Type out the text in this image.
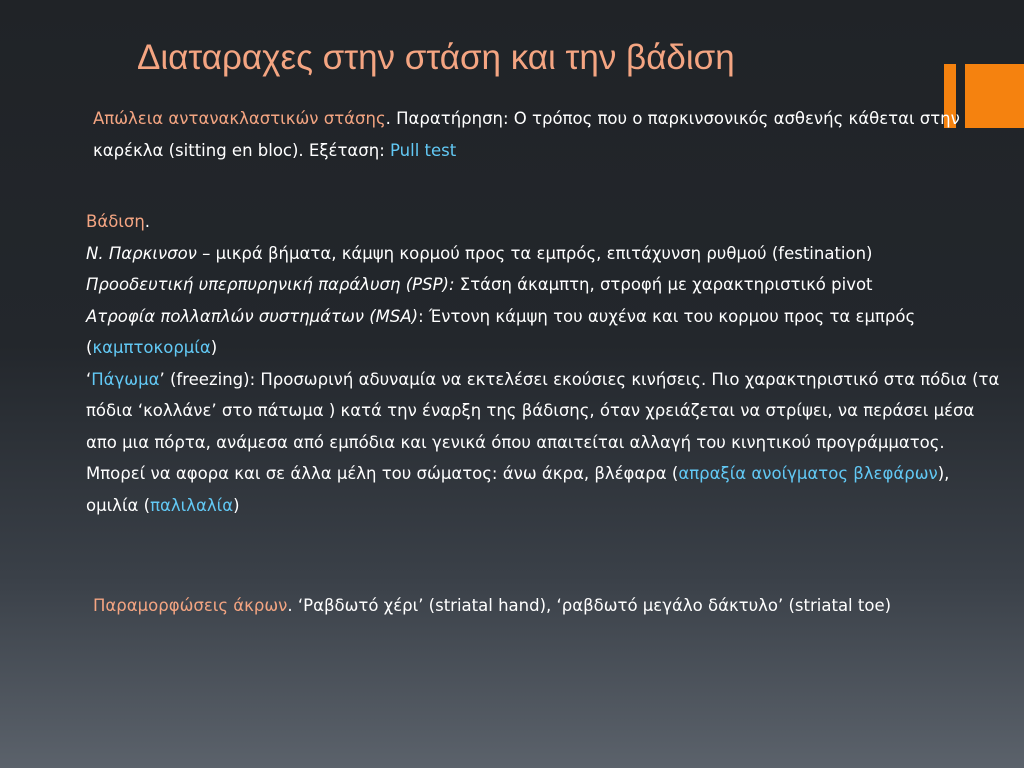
Διαταραχες στην στάση και την βάδιση
Απώλεια αντανακλαστικών στάσης. Παρατήρηση: Ο τρόπος που ο παρκινσονικός ασθενής κάθεται στην καρέκλα (sitting en bloc). Εξέταση: Pull test
Βάδιση.
Ν. Παρκινσον – μικρά βήματα, κάμψη κορμού προς τα εμπρός, επιτάχυνση ρυθμού (festination)
Προοδευτική υπερπυρηνική παράλυση (PSP): Στάση άκαμπτη, στροφή με χαρακτηριστικό pivot
Ατροφία πολλαπλών συστημάτων (MSA): Έντονη κάμψη του αυχένα και του κορμου προς τα εμπρός (καμπτοκορμία)
‘Πάγωμα’ (freezing): Προσωρινή αδυναμία να εκτελέσει εκούσιες κινήσεις. Πιο χαρακτηριστικό στα πόδια (τα πόδια ‘κολλάνε’ στο πάτωμα ) κατά την έναρξη της βάδισης, όταν χρειάζεται να στρίψει, να περάσει μέσα απο μια πόρτα, ανάμεσα από εμπόδια και γενικά όπου απαιτείται αλλαγή του κινητικού προγράμματος.
Μπορεί να αφορα και σε άλλα μέλη του σώματος: άνω άκρα, βλέφαρα (απραξία ανοίγματος βλεφάρων), ομιλία (παλιλαλία)
Παραμορφώσεις άκρων. ‘Ραβδωτό χέρι’ (striatal hand), ‘ραβδωτό μεγάλο δάκτυλο’ (striatal toe)
